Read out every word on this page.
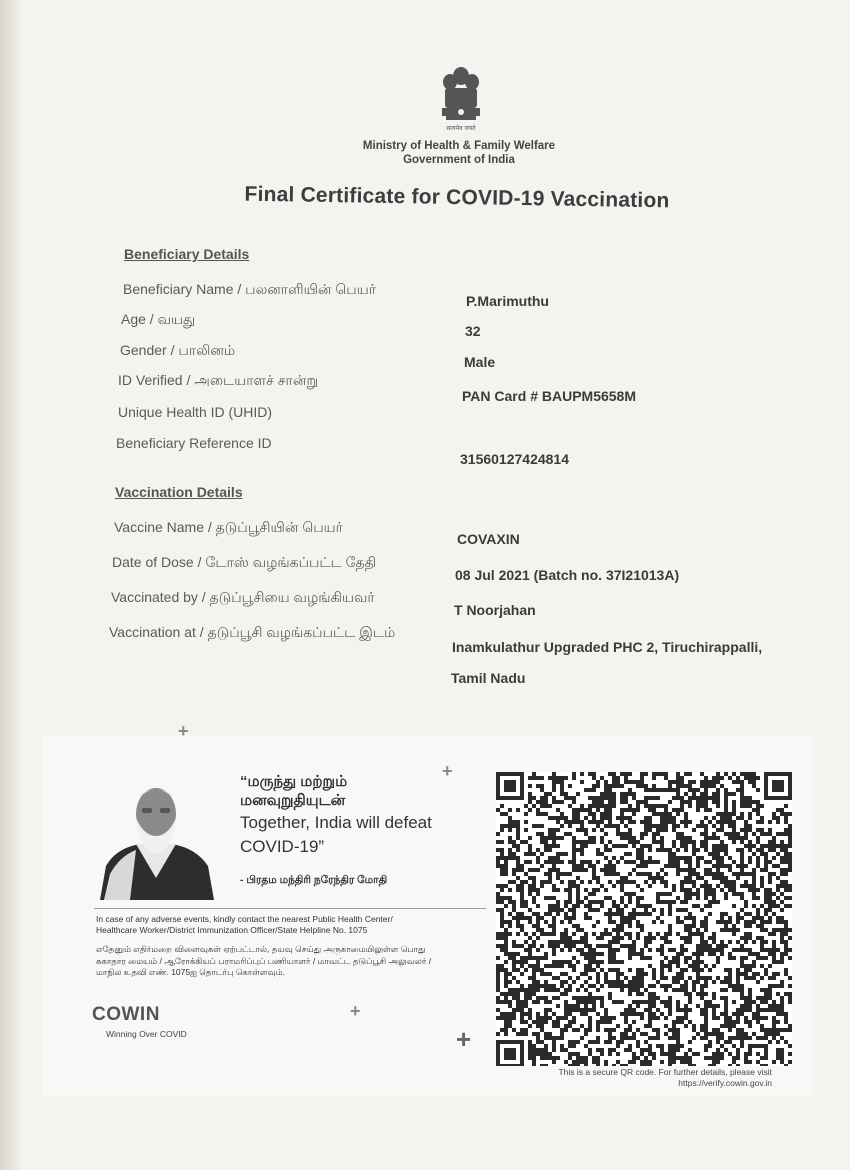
सत्यमेव जयते
Ministry of Health & Family Welfare
Government of India
Final Certificate for COVID-19 Vaccination
Beneficiary Details
Beneficiary Name / பலனாளியின் பெயர்
P.Marimuthu
Age / வயது
32
Gender / பாலினம்
Male
ID Verified / அடையாளச் சான்று
PAN Card # BAUPM5658M
Unique Health ID (UHID)
Beneficiary Reference ID
31560127424814
Vaccination Details
Vaccine Name / தடுப்பூசியின் பெயர்
COVAXIN
Date of Dose / டோஸ் வழங்கப்பட்ட தேதி
08 Jul 2021 (Batch no. 37I21013A)
Vaccinated by / தடுப்பூசியை வழங்கியவர்
T Noorjahan
Vaccination at / தடுப்பூசி வழங்கப்பட்ட இடம்
Inamkulathur Upgraded PHC 2, Tiruchirappalli,
Tamil Nadu
+
+
+
+
“மருந்து மற்றும்
மனவுறுதியுடன்
Together, India will defeat
COVID-19”
- பிரதம மந்திரி நரேந்திர மோதி
In case of any adverse events, kindly contact the nearest Public Health Center/
Healthcare Worker/District Immunization Officer/State Helpline No. 1075
எதேனும் எதிர்மறை விளைவுகள் ஏற்பட்டால், தயவு செய்து அருகாமையிலுள்ள பொது
சுகாதார மையம் / ஆரோக்கியப் பராமரிப்புப் பணியாளர் / மாவட்ட தடுப்பூசி அலுவலர் /
மாநில உதவி எண். 1075ஐ தொடர்பு கொள்ளவும்.
COWIN
Winning Over COVID
This is a secure QR code. For further details, please visit
https://verify.cowin.gov.in
